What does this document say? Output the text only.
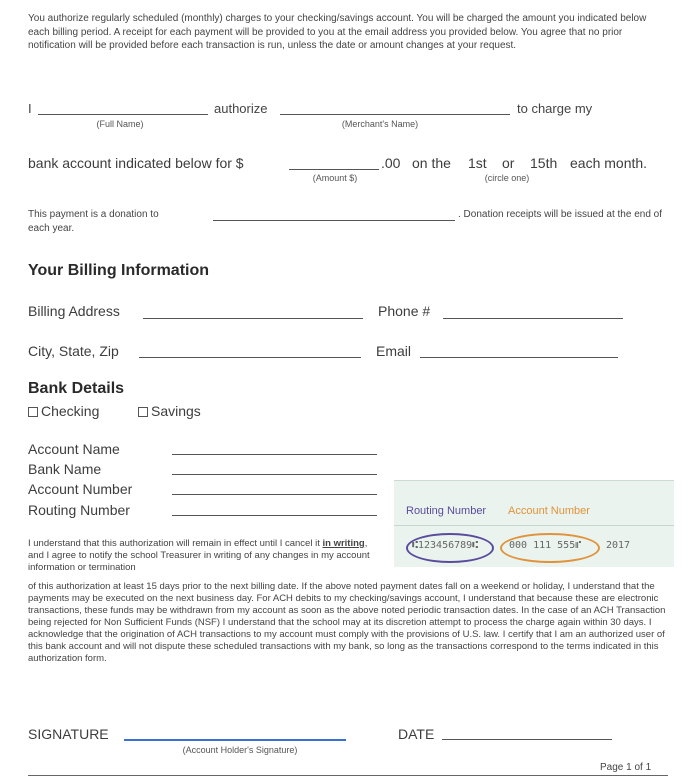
You authorize regularly scheduled (monthly) charges to your checking/savings account. You will be charged the amount you indicated below each billing period. A receipt for each payment will be provided to you at the email address you provided below. You agree that no prior notification will be provided before each transaction is run, unless the date or amount changes at your request.
I	authorize	to charge my
(Full Name)	(Merchant's Name)
bank account indicated below for $	.00 on the 1st or 15th each month.
(Amount $)	(circle one)
This payment is a donation to	. Donation receipts will be issued at the end of each year.
Your Billing Information
Billing Address	Phone #
City, State, Zip	Email
Bank Details
Checking	Savings
Account Name
Bank Name
Account Number
Routing Number	Routing Number Account Number
⑆123456789⑆	000 111 555⑈ 2017
I understand that this authorization will remain in effect until I cancel it in writing, and I agree to notify the school Treasurer in writing of any changes in my account information or termination
of this authorization at least 15 days prior to the next billing date. If the above noted payment dates fall on a weekend or holiday, I understand that the payments may be executed on the next business day. For ACH debits to my checking/savings account, I understand that because these are electronic transactions, these funds may be withdrawn from my account as soon as the above noted periodic transaction dates. In the case of an ACH Transaction being rejected for Non Sufficient Funds (NSF) I understand that the school may at its discretion attempt to process the charge again within 30 days. I acknowledge that the origination of ACH transactions to my account must comply with the provisions of U.S. law. I certify that I am an authorized user of this bank account and will not dispute these scheduled transactions with my bank, so long as the transactions correspond to the terms indicated in this authorization form.
SIGNATURE
(Account Holder's Signature)
DATE
Page 1 of 1
